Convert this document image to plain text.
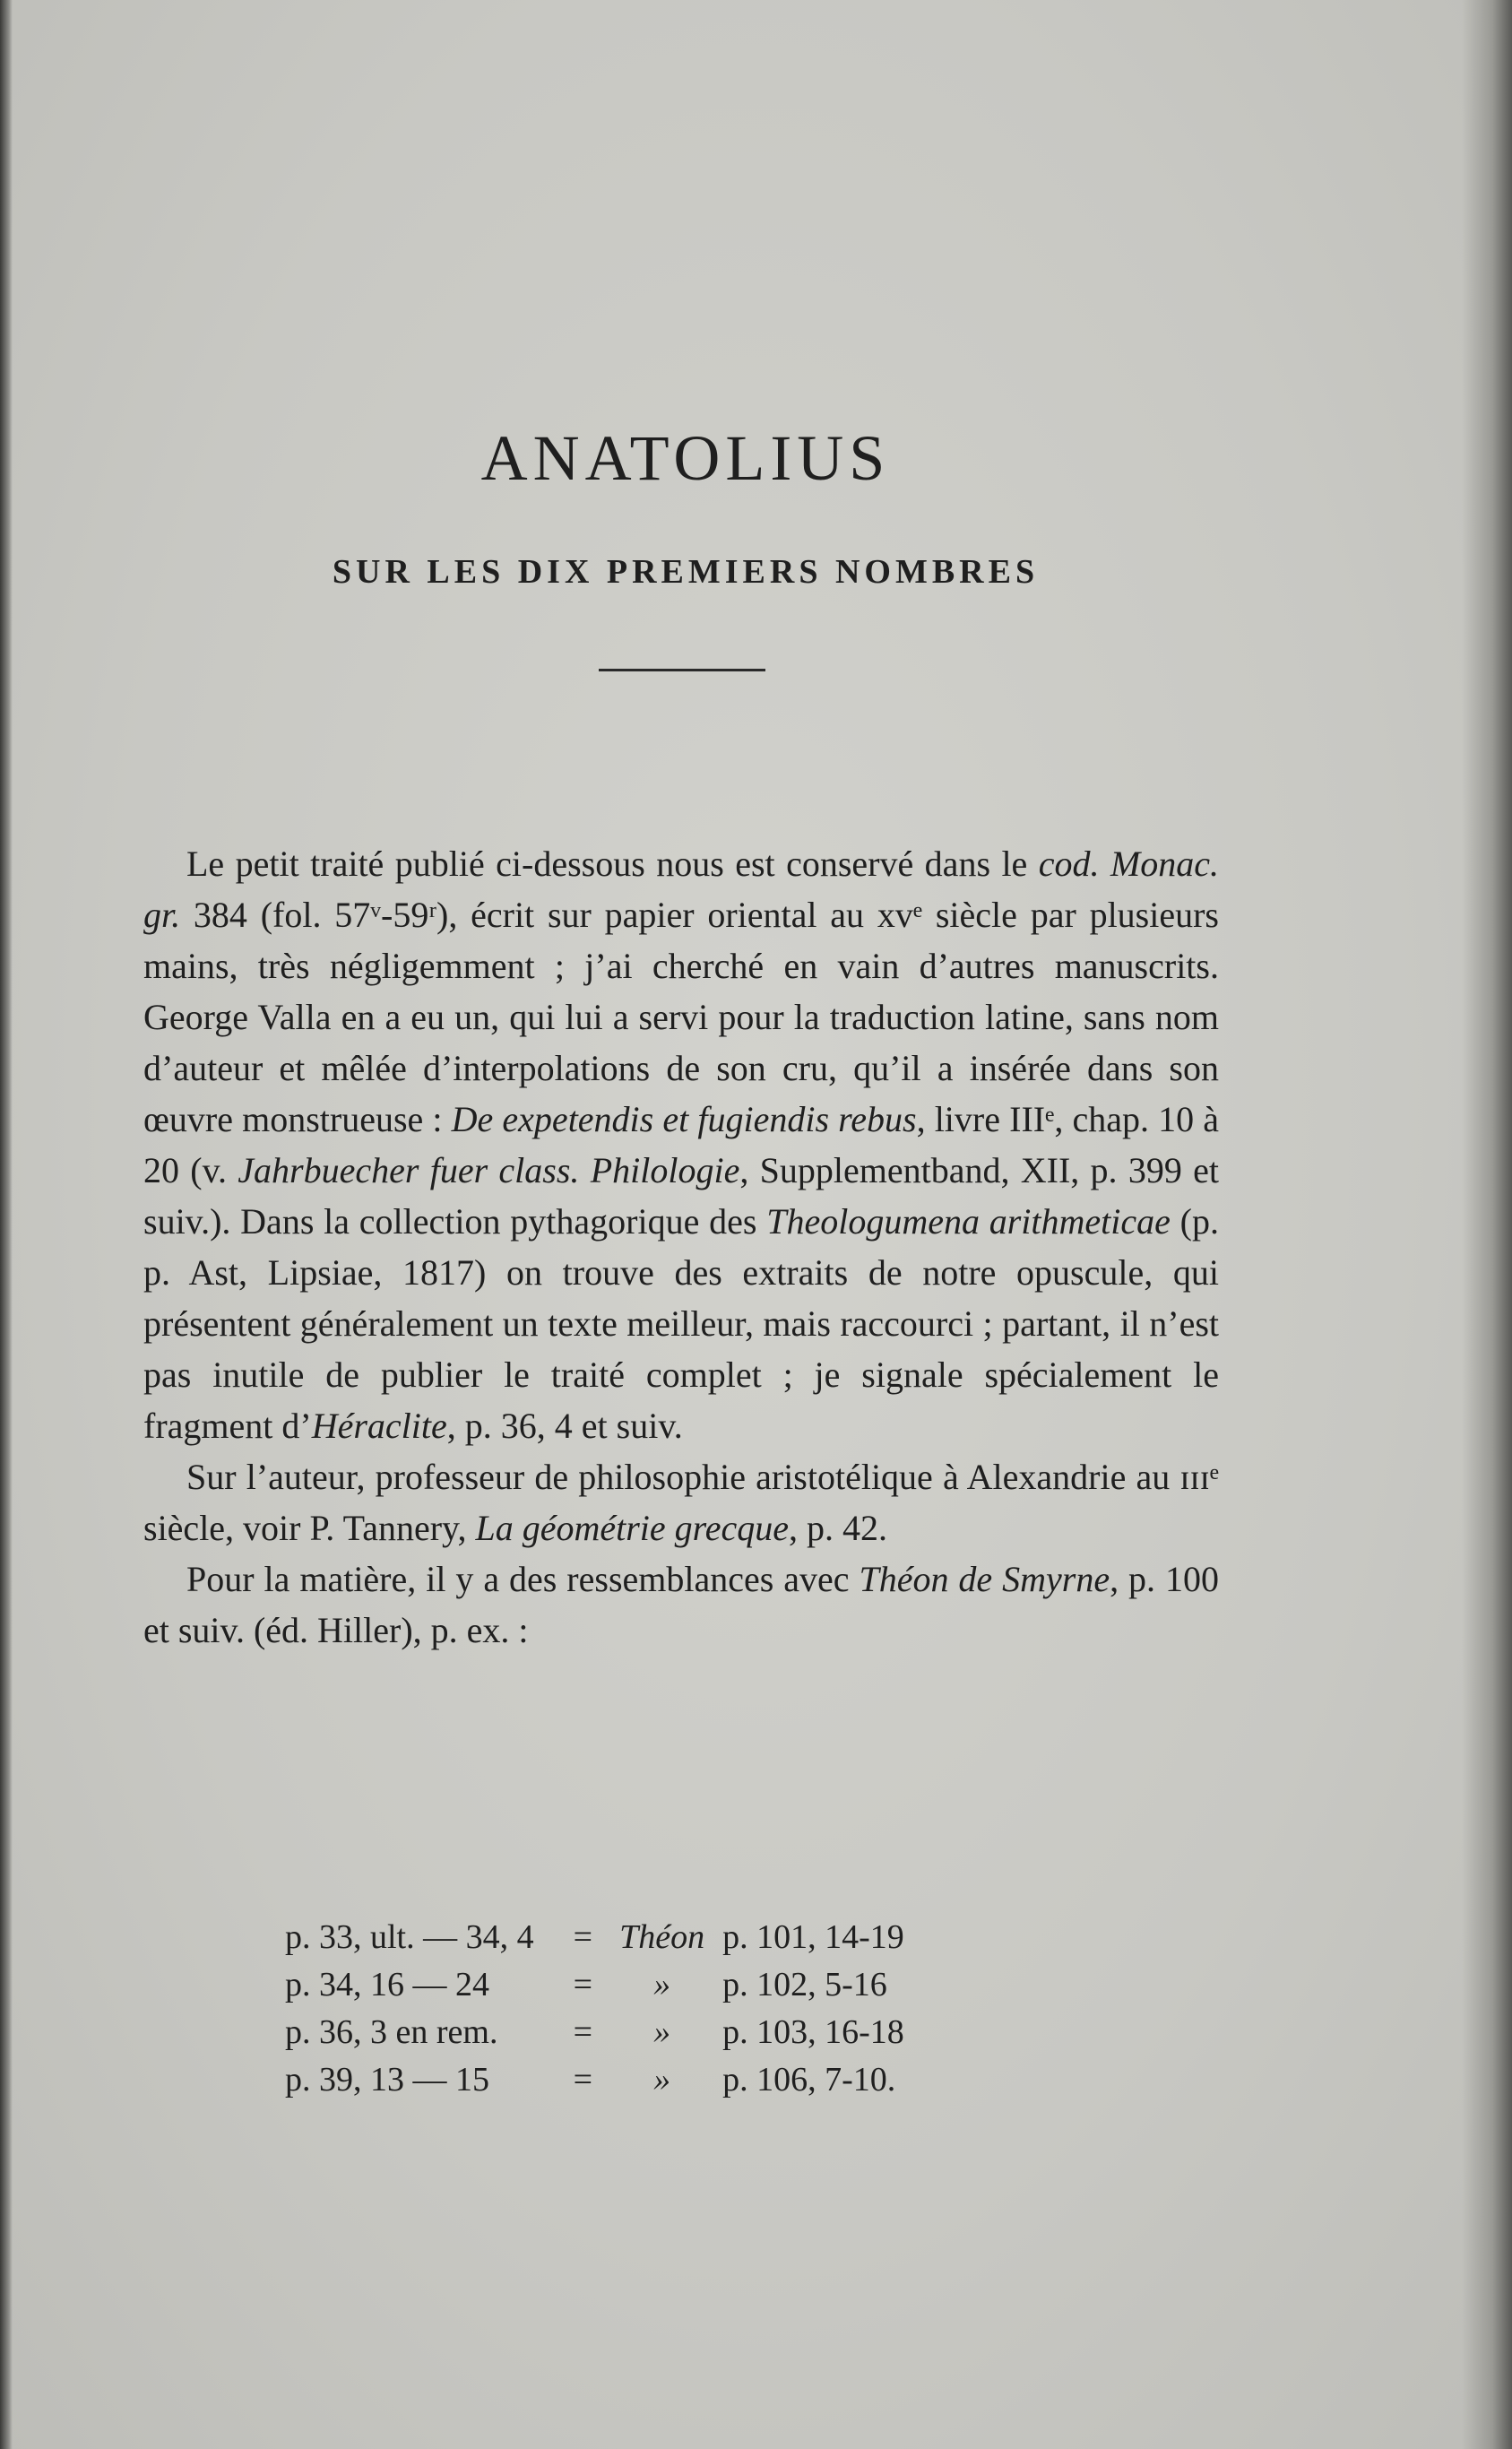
ANATOLIUS
SUR LES DIX PREMIERS NOMBRES

Le petit traité publié ci-dessous nous est conservé dans le cod. Monac. gr. 384 (fol. 57ᵛ-59ʳ), écrit sur papier oriental au xvᵉ siècle par plusieurs mains, très négligemment ; j’ai cherché en vain d’autres manuscrits. George Valla en a eu un, qui lui a servi pour la traduction latine, sans nom d’auteur et mêlée d’interpolations de son cru, qu’il a insérée dans son œuvre monstrueuse : De expetendis et fugiendis rebus, livre IIIᵉ, chap. 10 à 20 (v. Jahrbuecher fuer class. Philologie, Supplementband, XII, p. 399 et suiv.). Dans la collection pythagorique des Theologumena arithmeticae (p. p. Ast, Lipsiae, 1817) on trouve des extraits de notre opuscule, qui présentent généralement un texte meilleur, mais raccourci ; partant, il n’est pas inutile de publier le traité complet ; je signale spécialement le fragment d’Héraclite, p. 36, 4 et suiv.

Sur l’auteur, professeur de philosophie aristotélique à Alexandrie au ɪɪɪᵉ siècle, voir P. Tannery, La géométrie grecque, p. 42.

Pour la matière, il y a des ressemblances avec Théon de Smyrne, p. 100 et suiv. (éd. Hiller), p. ex. :

p. 33, ult. — 34, 4	=	Théon	p. 101, 14-19
p. 34, 16 — 24	=	»	p. 102, 5-16
p. 36, 3 en rem.	=	»	p. 103, 16-18
p. 39, 13 — 15	=	»	p. 106, 7-10.
